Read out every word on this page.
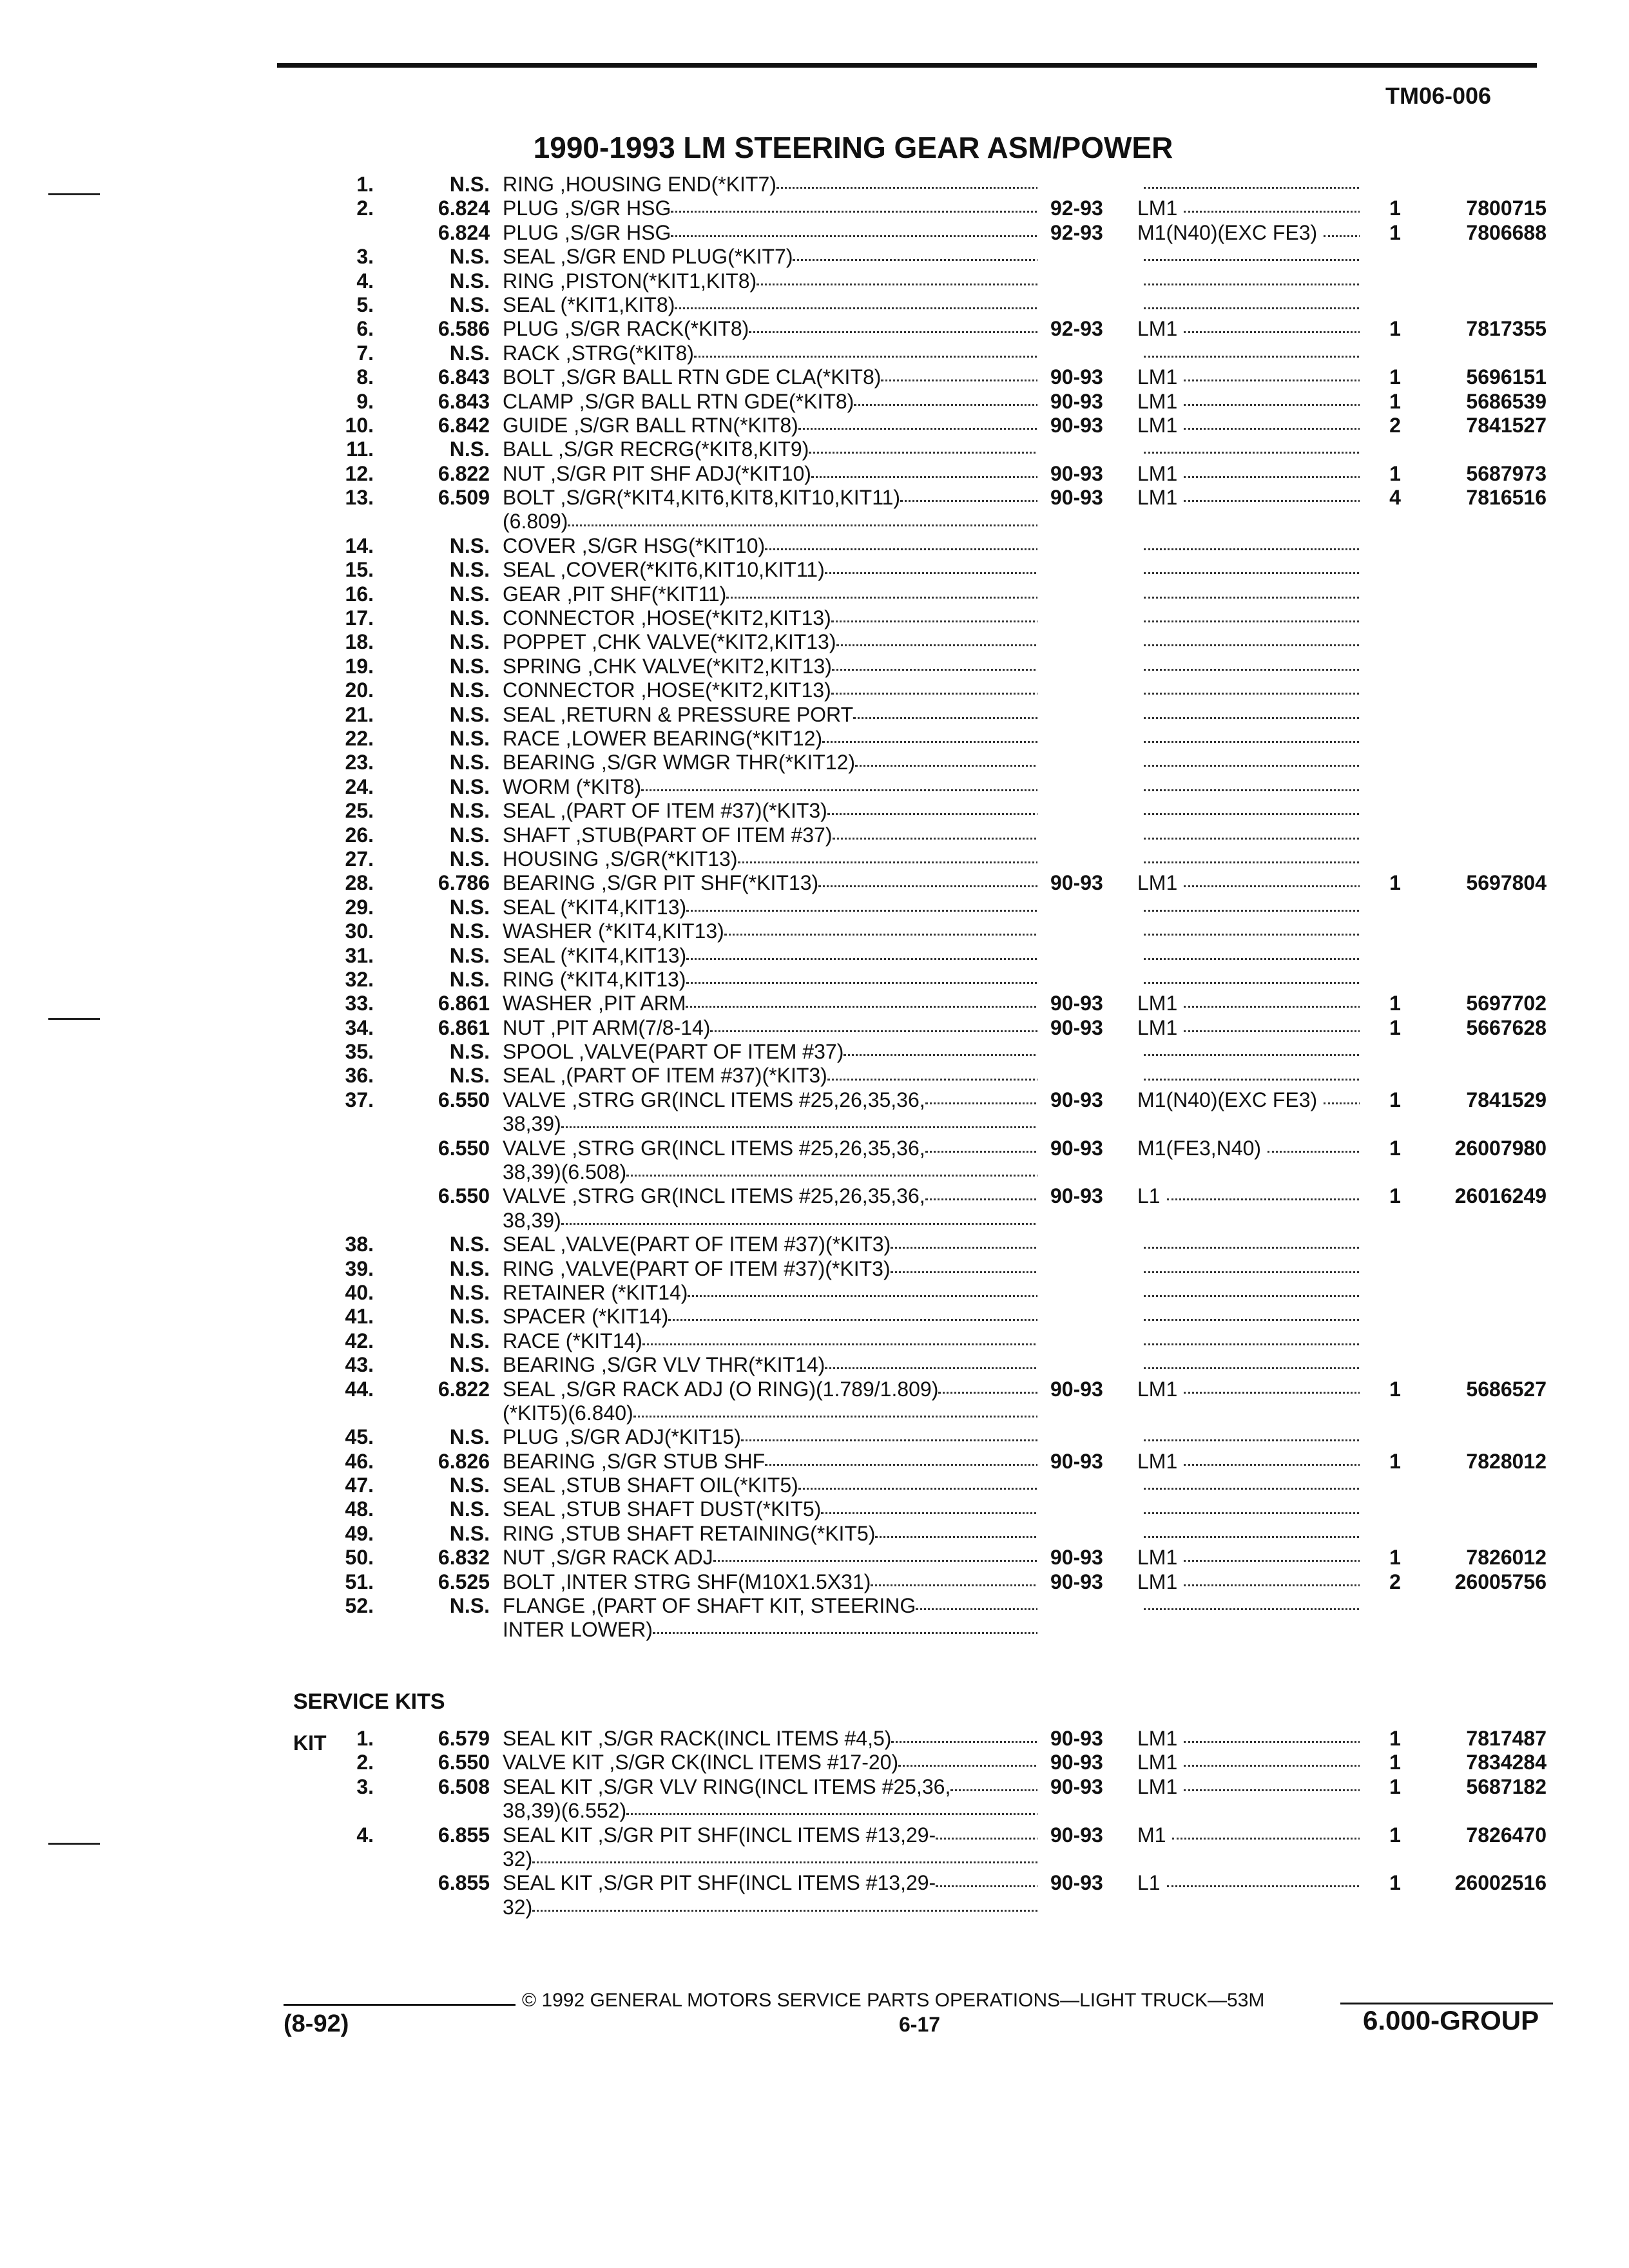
TM06-006
1990-1993 LM STEERING GEAR ASM/POWER
1.	N.S. RING ,HOUSING END(*KIT7)
2.	6.824 PLUG ,S/GR HSG	92-93 LM1	1	7800715
6.824 PLUG ,S/GR HSG	92-93 M1(N40)(EXC FE3)	1	7806688
3.	N.S. SEAL ,S/GR END PLUG(*KIT7)
4.	N.S. RING ,PISTON(*KIT1,KIT8)
5.	N.S. SEAL (*KIT1,KIT8)
6.	6.586 PLUG ,S/GR RACK(*KIT8)	92-93 LM1	1	7817355
7.	N.S. RACK ,STRG(*KIT8)
8.	6.843 BOLT ,S/GR BALL RTN GDE CLA(*KIT8)	90-93 LM1	1	5696151
9.	6.843 CLAMP ,S/GR BALL RTN GDE(*KIT8)	90-93 LM1	1	5686539
10.	6.842 GUIDE ,S/GR BALL RTN(*KIT8)	90-93 LM1	2	7841527
11.	N.S. BALL ,S/GR RECRG(*KIT8,KIT9)
12.	6.822 NUT ,S/GR PIT SHF ADJ(*KIT10)	90-93 LM1	1	5687973
13.	6.509 BOLT ,S/GR(*KIT4,KIT6,KIT8,KIT10,KIT11)	90-93 LM1	4	7816516
(6.809)
14.	N.S. COVER ,S/GR HSG(*KIT10)
15.	N.S. SEAL ,COVER(*KIT6,KIT10,KIT11)
16.	N.S. GEAR ,PIT SHF(*KIT11)
17.	N.S. CONNECTOR ,HOSE(*KIT2,KIT13)
18.	N.S. POPPET ,CHK VALVE(*KIT2,KIT13)
19.	N.S. SPRING ,CHK VALVE(*KIT2,KIT13)
20.	N.S. CONNECTOR ,HOSE(*KIT2,KIT13)
21.	N.S. SEAL ,RETURN & PRESSURE PORT
22.	N.S. RACE ,LOWER BEARING(*KIT12)
23.	N.S. BEARING ,S/GR WMGR THR(*KIT12)
24.	N.S. WORM (*KIT8)
25.	N.S. SEAL ,(PART OF ITEM #37)(*KIT3)
26.	N.S. SHAFT ,STUB(PART OF ITEM #37)
27.	N.S. HOUSING ,S/GR(*KIT13)
28.	6.786 BEARING ,S/GR PIT SHF(*KIT13)	90-93 LM1	1	5697804
29.	N.S. SEAL (*KIT4,KIT13)
30.	N.S. WASHER (*KIT4,KIT13)
31.	N.S. SEAL (*KIT4,KIT13)
32.	N.S. RING (*KIT4,KIT13)
33.	6.861 WASHER ,PIT ARM	90-93 LM1	1	5697702
34.	6.861 NUT ,PIT ARM(7/8-14)	90-93 LM1	1	5667628
35.	N.S. SPOOL ,VALVE(PART OF ITEM #37)
36.	N.S. SEAL ,(PART OF ITEM #37)(*KIT3)
37.	6.550 VALVE ,STRG GR(INCL ITEMS #25,26,35,36,	90-93 M1(N40)(EXC FE3)	1	7841529
38,39)
6.550 VALVE ,STRG GR(INCL ITEMS #25,26,35,36,	90-93 M1(FE3,N40)	1	26007980
38,39)(6.508)
6.550 VALVE ,STRG GR(INCL ITEMS #25,26,35,36,	90-93 L1	1	26016249
38,39)
38.	N.S. SEAL ,VALVE(PART OF ITEM #37)(*KIT3)
39.	N.S. RING ,VALVE(PART OF ITEM #37)(*KIT3)
40.	N.S. RETAINER (*KIT14)
41.	N.S. SPACER (*KIT14)
42.	N.S. RACE (*KIT14)
43.	N.S. BEARING ,S/GR VLV THR(*KIT14)
44.	6.822 SEAL ,S/GR RACK ADJ (O RING)(1.789/1.809)	90-93 LM1	1	5686527
(*KIT5)(6.840)
45.	N.S. PLUG ,S/GR ADJ(*KIT15)
46.	6.826 BEARING ,S/GR STUB SHF	90-93 LM1	1	7828012
47.	N.S. SEAL ,STUB SHAFT OIL(*KIT5)
48.	N.S. SEAL ,STUB SHAFT DUST(*KIT5)
49.	N.S. RING ,STUB SHAFT RETAINING(*KIT5)
50.	6.832 NUT ,S/GR RACK ADJ	90-93 LM1	1	7826012
51.	6.525 BOLT ,INTER STRG SHF(M10X1.5X31)	90-93 LM1	2	26005756
52.	N.S. FLANGE ,(PART OF SHAFT KIT, STEERING
INTER LOWER)
SERVICE KITS
KIT	1.	6.579 SEAL KIT ,S/GR RACK(INCL ITEMS #4,5)	90-93 LM1	1	7817487
2.	6.550 VALVE KIT ,S/GR CK(INCL ITEMS #17-20)	90-93 LM1	1	7834284
3.	6.508 SEAL KIT ,S/GR VLV RING(INCL ITEMS #25,36,	90-93 LM1	1	5687182
38,39)(6.552)
4.	6.855 SEAL KIT ,S/GR PIT SHF(INCL ITEMS #13,29-	90-93 M1	1	7826470
32)
6.855 SEAL KIT ,S/GR PIT SHF(INCL ITEMS #13,29-	90-93 L1	1	26002516
32)
© 1992 GENERAL MOTORS SERVICE PARTS OPERATIONS—LIGHT TRUCK—53M
(8-92)	6-17	6.000-GROUP
